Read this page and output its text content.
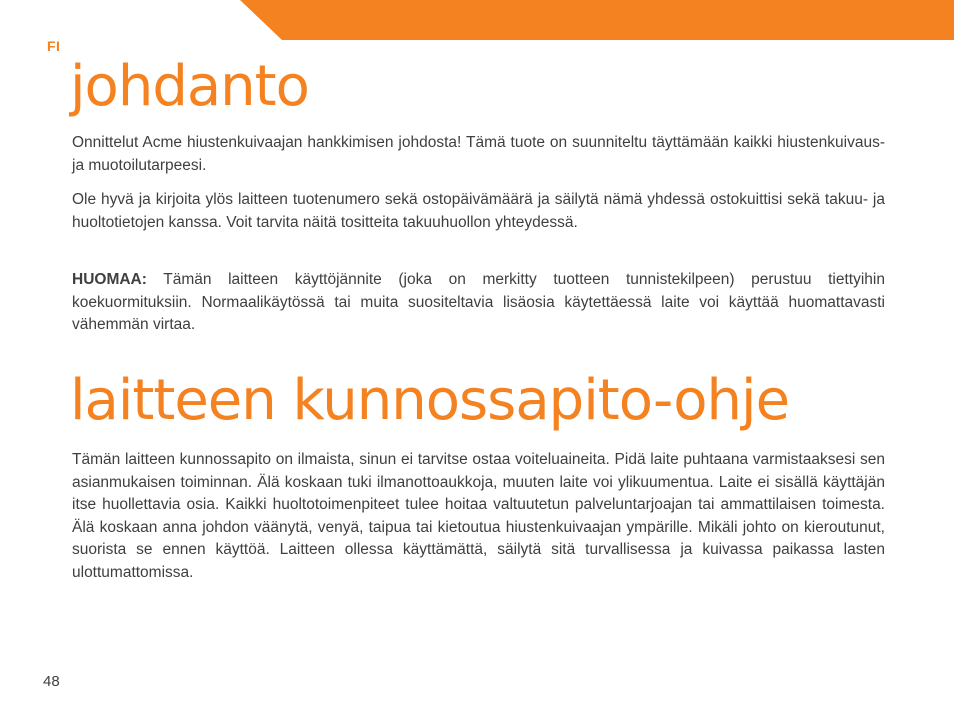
FI
johdanto

Onnittelut Acme hiustenkuivaajan hankkimisen johdosta! Tämä tuote on suunniteltu täyttämään kaikki hiustenkuivaus- ja muotoilutarpeesi.

Ole hyvä ja kirjoita ylös laitteen tuotenumero sekä ostopäivämäärä ja säilytä nämä yhdessä ostokuittisi sekä takuu- ja huoltotietojen kanssa. Voit tarvita näitä tositteita takuuhuollon yhteydessä.

HUOMAA: Tämän laitteen käyttöjännite (joka on merkitty tuotteen tunnistekilpeen) perustuu tiettyihin koekuormituksiin. Normaalikäytössä tai muita suositeltavia lisäosia käytettäessä laite voi käyttää huomattavasti vähemmän virtaa.

laitteen kunnossapito-ohje

Tämän laitteen kunnossapito on ilmaista, sinun ei tarvitse ostaa voiteluaineita. Pidä laite puhtaana varmistaaksesi sen asianmukaisen toiminnan. Älä koskaan tuki ilmanottoaukkoja, muuten laite voi ylikuumentua. Laite ei sisällä käyttäjän itse huollettavia osia. Kaikki huoltotoimenpiteet tulee hoitaa valtuutetun palveluntarjoajan tai ammattilaisen toimesta. Älä koskaan anna johdon väänytä, venyä, taipua tai kietoutua hiustenkuivaajan ympärille. Mikäli johto on kieroutunut, suorista se ennen käyttöä. Laitteen ollessa käyttämättä, säilytä sitä turvallisessa ja kuivassa paikassa lasten ulottumattomissa.

48
